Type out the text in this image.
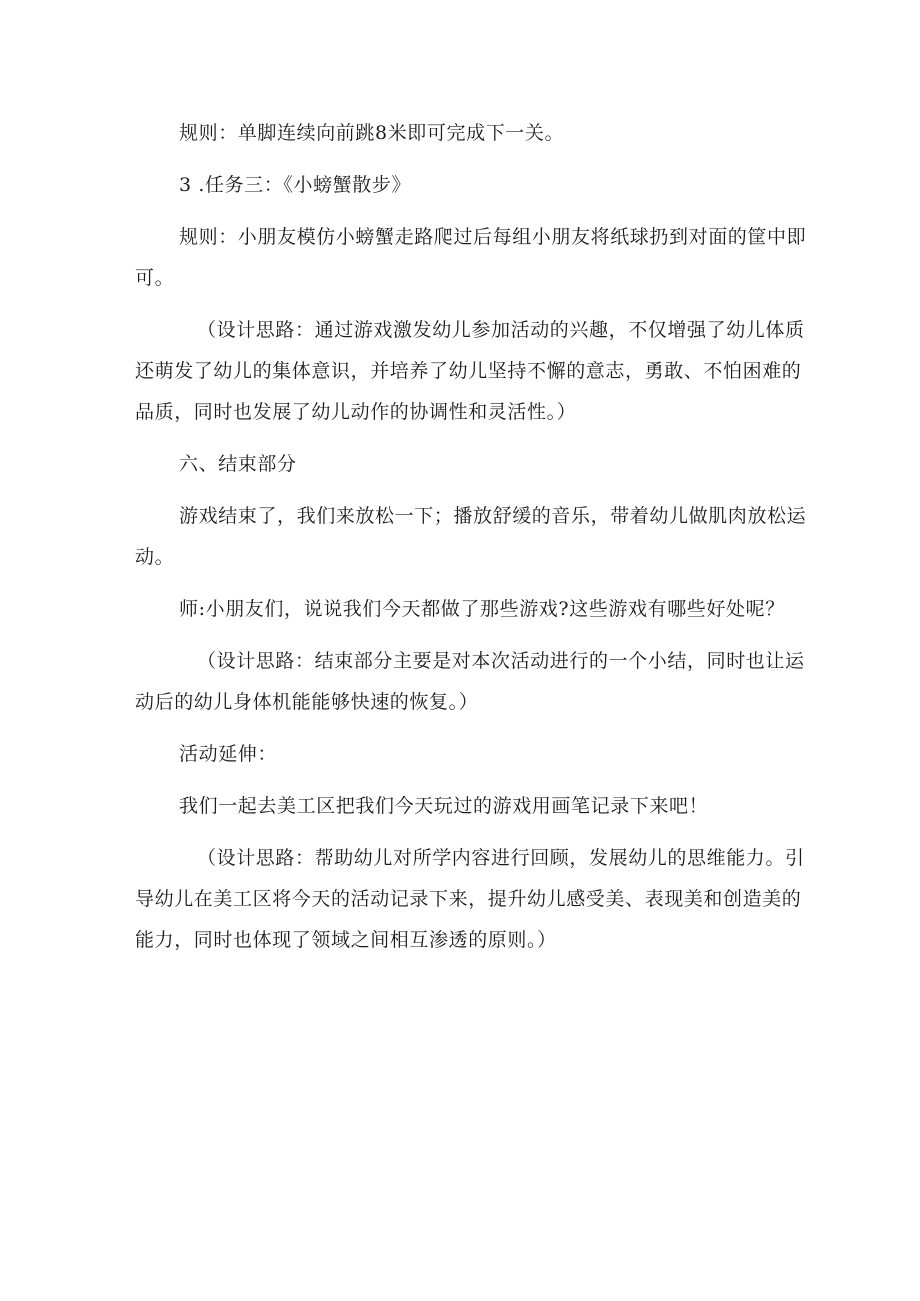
规则：单脚连续向前跳8米即可完成下一关。

3 .任务三：《小螃蟹散步》

规则：小朋友模仿小螃蟹走路爬过后每组小朋友将纸球扔到对面的筐中即可。

（设计思路：通过游戏激发幼儿参加活动的兴趣，不仅增强了幼儿体质还萌发了幼儿的集体意识，并培养了幼儿坚持不懈的意志，勇敢、不怕困难的品质，同时也发展了幼儿动作的协调性和灵活性。）

六、结束部分

游戏结束了，我们来放松一下；播放舒缓的音乐，带着幼儿做肌肉放松运动。

师:小朋友们，说说我们今天都做了那些游戏?这些游戏有哪些好处呢？

（设计思路：结束部分主要是对本次活动进行的一个小结，同时也让运动后的幼儿身体机能能够快速的恢复。）

活动延伸：

我们一起去美工区把我们今天玩过的游戏用画笔记录下来吧！

（设计思路：帮助幼儿对所学内容进行回顾，发展幼儿的思维能力。引导幼儿在美工区将今天的活动记录下来，提升幼儿感受美、表现美和创造美的能力，同时也体现了领域之间相互渗透的原则。）
